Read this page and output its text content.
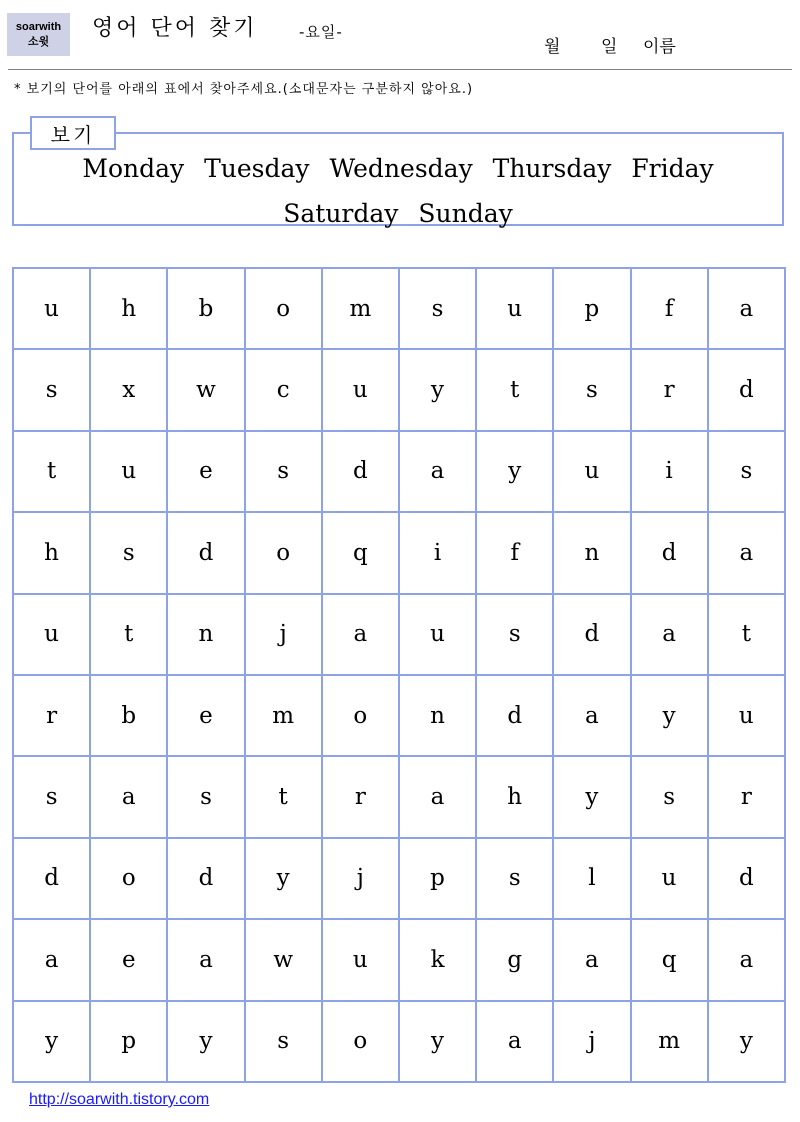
soarwith
소윗 영어 단어 찾기	-요일-
월 일 이름
* 보기의 단어를 아래의 표에서 찾아주세요.(소대문자는 구분하지 않아요.)
보기
Monday Tuesday Wednesday Thursday Friday
Saturday Sunday
u	h	b	o	m	s	u	p	f	a
s	x	w	c	u	y	t	s	r	d
t	u	e	s	d	a	y	u	i	s
h	s	d	o	q	i	f	n	d	a
u	t	n	j	a	u	s	d	a	t
r	b	e	m	o	n	d	a	y	u
s	a	s	t	r	a	h	y	s	r
d	o	d	y	j	p	s	l	u	d
a	e	a	w	u	k	g	a	q	a
y	p	y	s	o	y	a	j	m	y
http://soarwith.tistory.com
